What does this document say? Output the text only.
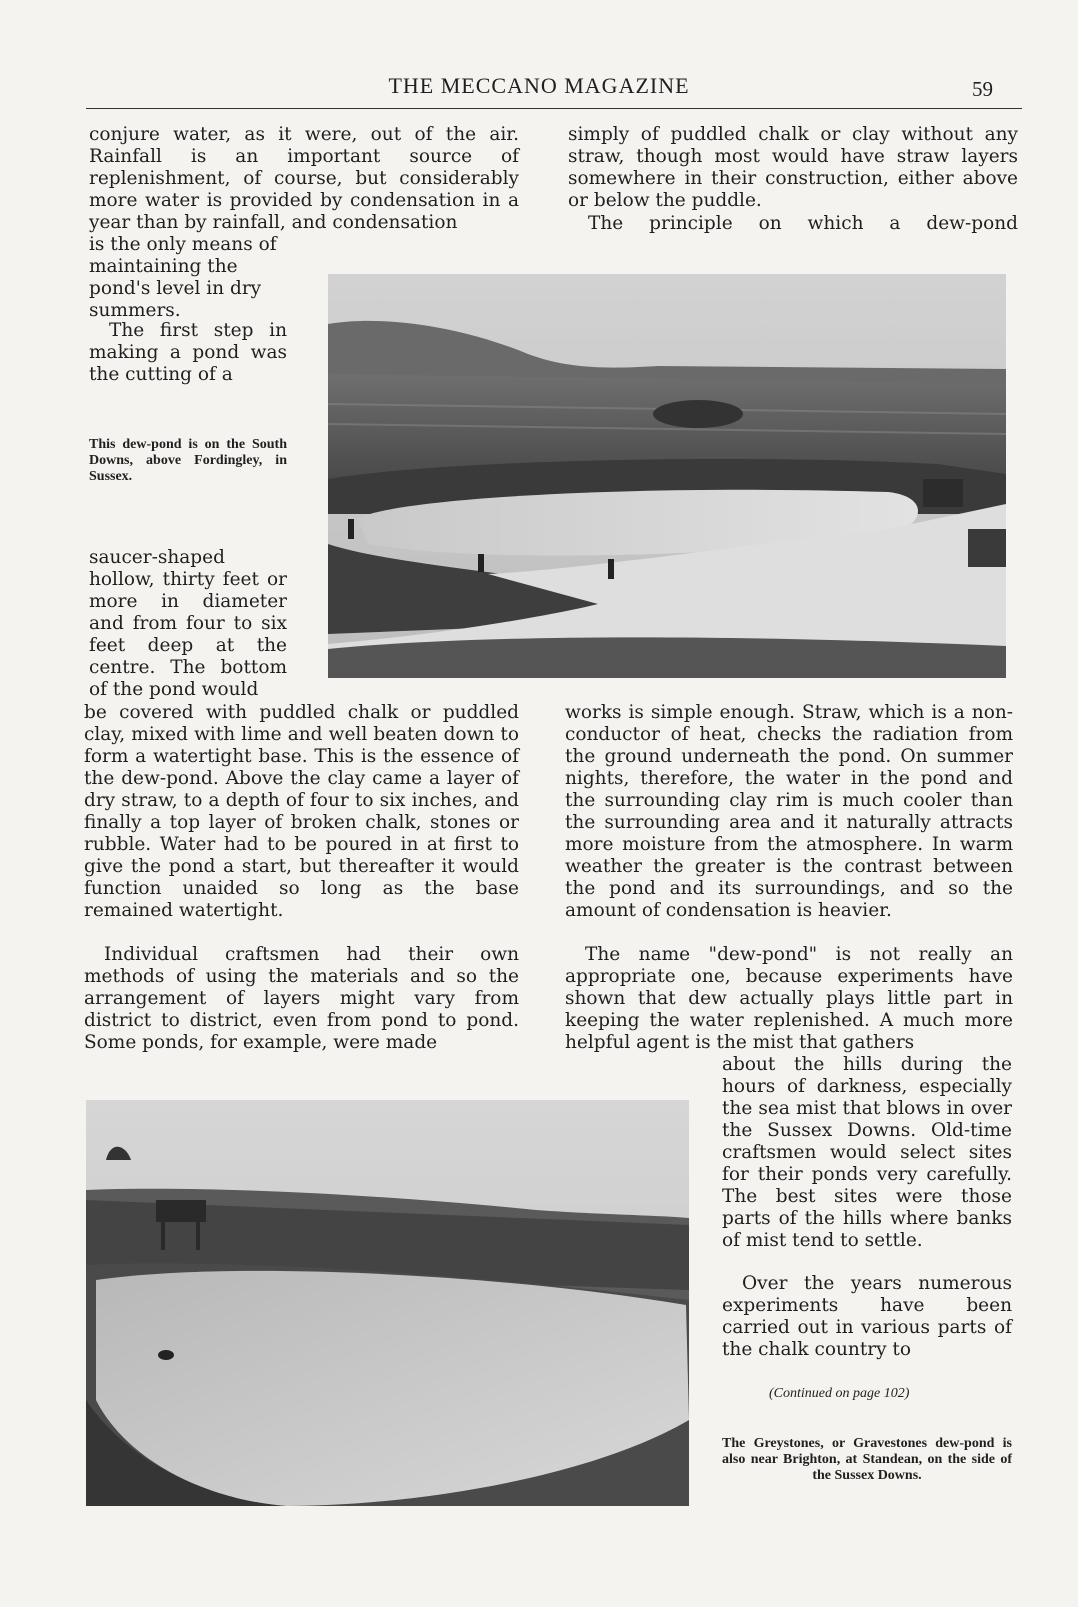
THE MECCANO MAGAZINE	59

conjure water, as it were, out of the air. Rainfall is an important source of replenishment, of course, but considerably more water is provided by condensation in a year than by rainfall, and condensation

is the only means of maintaining the pond's level in dry summers.

The first step in making a pond was the cutting of a

This dew-pond is on the South Downs, above Fordingley, in Sussex.

saucer-shaped hollow, thirty feet or more in diameter and from four to six feet deep at the centre. The bottom of the pond would

be covered with puddled chalk or puddled clay, mixed with lime and well beaten down to form a watertight base. This is the essence of the dew-pond. Above the clay came a layer of dry straw, to a depth of four to six inches, and finally a top layer of broken chalk, stones or rubble. Water had to be poured in at first to give the pond a start, but thereafter it would function unaided so long as the base remained watertight.

Individual craftsmen had their own methods of using the materials and so the arrangement of layers might vary from district to district, even from pond to pond. Some ponds, for example, were made

simply of puddled chalk or clay without any straw, though most would have straw layers somewhere in their construction, either above or below the puddle.

The principle on which a dew-pond

works is simple enough. Straw, which is a non-conductor of heat, checks the radiation from the ground underneath the pond. On summer nights, therefore, the water in the pond and the surrounding clay rim is much cooler than the surrounding area and it naturally attracts more moisture from the atmosphere. In warm weather the greater is the contrast between the pond and its surroundings, and so the amount of condensation is heavier.

The name "dew-pond" is not really an appropriate one, because experiments have shown that dew actually plays little part in keeping the water replenished. A much more helpful agent is the mist that gathers

about the hills during the hours of darkness, especially the sea mist that blows in over the Sussex Downs. Old-time craftsmen would select sites for their ponds very carefully. The best sites were those parts of the hills where banks of mist tend to settle.

Over the years numerous experiments have been carried out in various parts of the chalk country to

(Continued on page 102)
The Greystones, or Gravestones dew-pond is also near Brighton, at Standean, on the side of the Sussex Downs.
